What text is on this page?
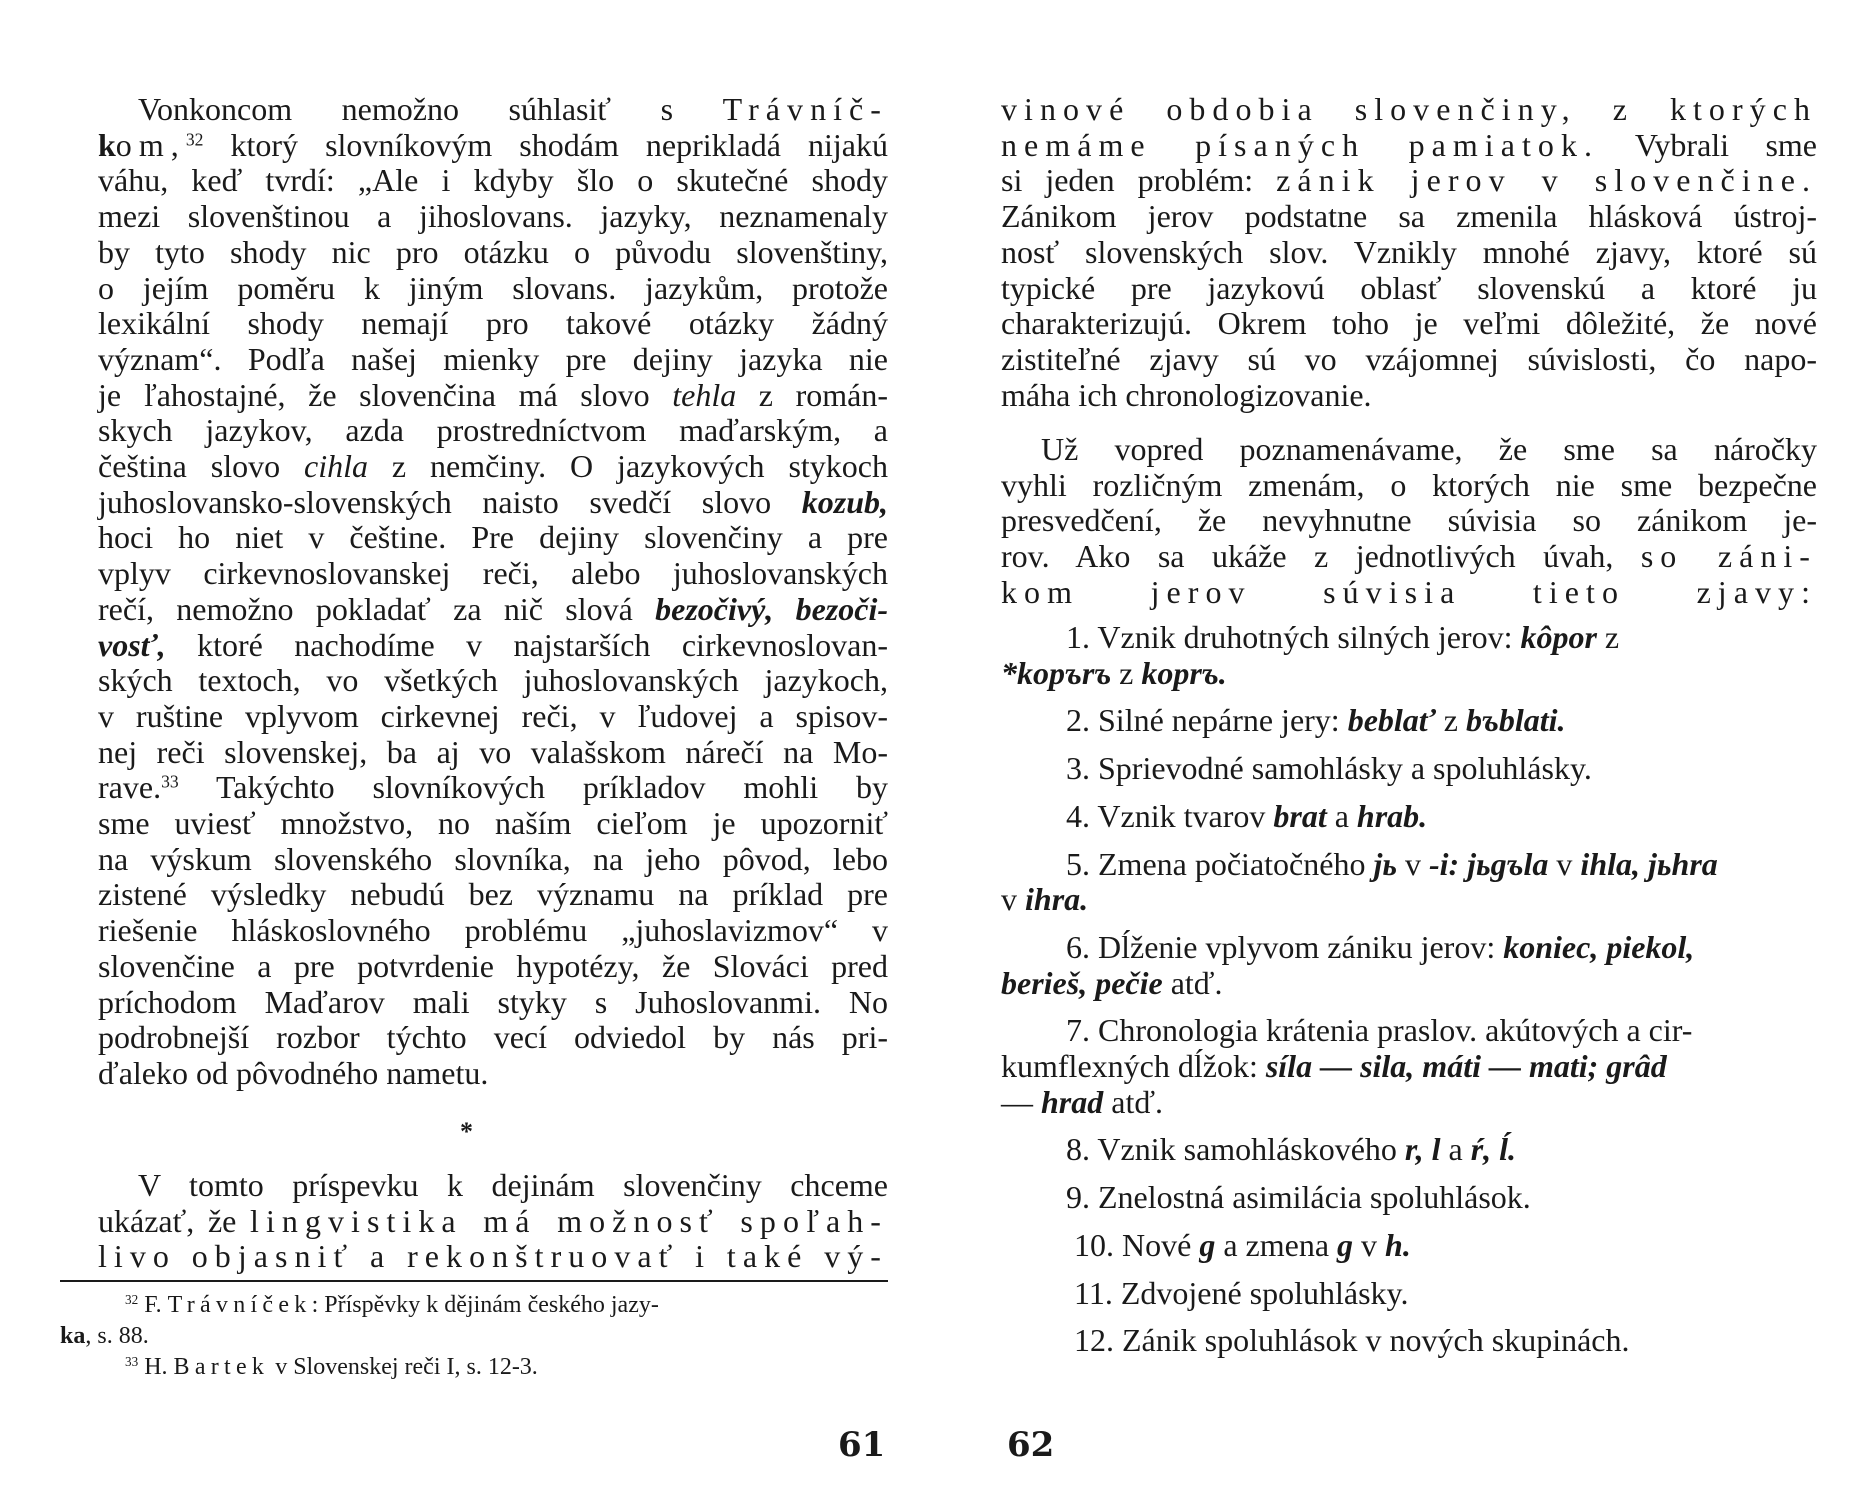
Vonkoncom nemožno súhlasiť s Trávníč-
kom,$^{32}$ ktorý slovníkovým shodám neprikladá nijakú
váhu, keď tvrdí: „Ale i kdyby šlo o skutečné shody
mezi slovenštinou a jihoslovans. jazyky, neznamenaly
by tyto shody nic pro otázku o původu slovenštiny,
o jejím poměru k jiným slovans. jazykům, protože
lexikální shody nemají pro takové otázky žádný
význam“. Podľa našej mienky pre dejiny jazyka nie
je ľahostajné, že slovenčina má slovo tehla z román-
skych jazykov, azda prostredníctvom maďarským, a
čeština slovo cihla z nemčiny. O jazykových stykoch
juhoslovansko-slovenských naisto svedčí slovo kozub,
hoci ho niet v češtine. Pre dejiny slovenčiny a pre
vplyv cirkevnoslovanskej reči, alebo juhoslovanských
rečí, nemožno pokladať za nič slová bezočivý, bezoči-
vosť, ktoré nachodíme v najstarších cirkevnoslovan-
ských textoch, vo všetkých juhoslovanských jazykoch,
v ruštine vplyvom cirkevnej reči, v ľudovej a spisov-
nej reči slovenskej, ba aj vo valašskom nárečí na Mo-
rave.$^{33}$ Takýchto slovníkových príkladov mohli by
sme uviesť množstvo, no naším cieľom je upozorniť
na výskum slovenského slovníka, na jeho pôvod, lebo
zistené výsledky nebudú bez významu na príklad pre
riešenie hláskoslovného problému „juhoslavizmov“ v
slovenčine a pre potvrdenie hypotézy, že Slováci pred
príchodom Maďarov mali styky s Juhoslovanmi. No
podrobnejší rozbor týchto vecí odviedol by nás pri-
ďaleko od pôvodného nametu.
*
V tomto príspevku k dejinám slovenčiny chceme
ukázať, že lingvistika má možnosť spoľah-
livo objasniť a rekonštruovať i také vý-
$^{32}$ F. Trávníček: Příspěvky k dějinám českého jazy-
ka, s. 88.
$^{33}$ H. Bartek v Slovenskej reči I, s. 12-3.
61
vinové obdobia slovenčiny, z ktorých
nemáme písaných pamiatok. Vybrali sme
si jeden problém: zánik jerov v slovenčine.
Zánikom jerov podstatne sa zmenila hlásková ústroj-
nosť slovenských slov. Vznikly mnohé zjavy, ktoré sú
typické pre jazykovú oblasť slovenskú a ktoré ju
charakterizujú. Okrem toho je veľmi dôležité, že nové
zistiteľné zjavy sú vo vzájomnej súvislosti, čo napo-
máha ich chronologizovanie.
Už vopred poznamenávame, že sme sa náročky
vyhli rozličným zmenám, o ktorých nie sme bezpečne
presvedčení, že nevyhnutne súvisia so zánikom je-
rov. Ako sa ukáže z jednotlivých úvah, so záni-
kom jerov súvisia tieto zjavy:
1. Vznik druhotných silných jerov: kôpor z
*kopъrъ z koprъ.
2. Silné nepárne jery: beblať z bъblati.
3. Sprievodné samohlásky a spoluhlásky.
4. Vznik tvarov brat a hrab.
5. Zmena počiatočného jь v -i: jьgъla v ihla, jьhra
v ihra.
6. Dĺženie vplyvom zániku jerov: koniec, piekol,
berieš, pečie atď.
7. Chronologia krátenia praslov. akútových a cir-
kumflexných dĺžok: síla — sila, máti — mati; grâd
— hrad atď.
8. Vznik samohláskového r, l a ŕ, ĺ.
9. Znelostná asimilácia spoluhlások.
10. Nové g a zmena g v h.
11. Zdvojené spoluhlásky.
12. Zánik spoluhlások v nových skupinách.
62
